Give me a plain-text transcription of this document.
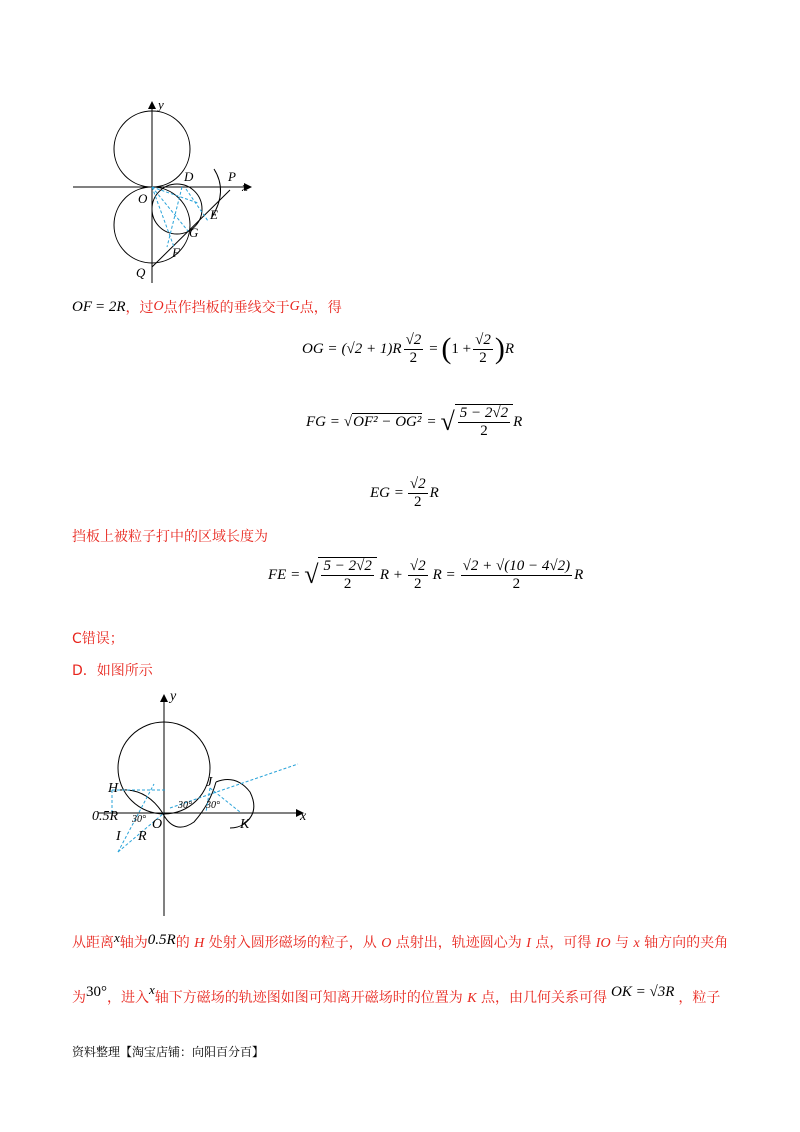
y
x
O
D	P
E
G
F
Q
OF = 2R ，过 O 点作挡板的垂线交于 G 点，得
OG = $(√2 + 1)R \frac{√2}{2}$ = ( $1 + \frac{√2}{2}$ ) R
FG = √ OF² − OG² = √ $\frac{5 - 2√2}{2}$ R
EG = $\frac{√2}{2}$ R
挡板上被粒子打中的区域长度为
FE = √ $\frac{5 - 2√2}{2}$ $R + \frac{√2}{2}$ $R = \frac{√2 + √(10 - 4√2)}{2}$ R
C错误；
D．如图所示
y
x
H	J
0.5R 30°
30° 30°
O
R
I
K
从距离x轴为0.5R的 H 处射入圆形磁场的粒子，从 O 点射出，轨迹圆心为 I 点，可得 IO 与 x 轴方向的夹角
为30°，进入x轴下方磁场的轨迹图如图可知离开磁场时的位置为 K 点，由几何关系可得 OK = √3R ，粒子
资料整理【淘宝店铺：向阳百分百】
